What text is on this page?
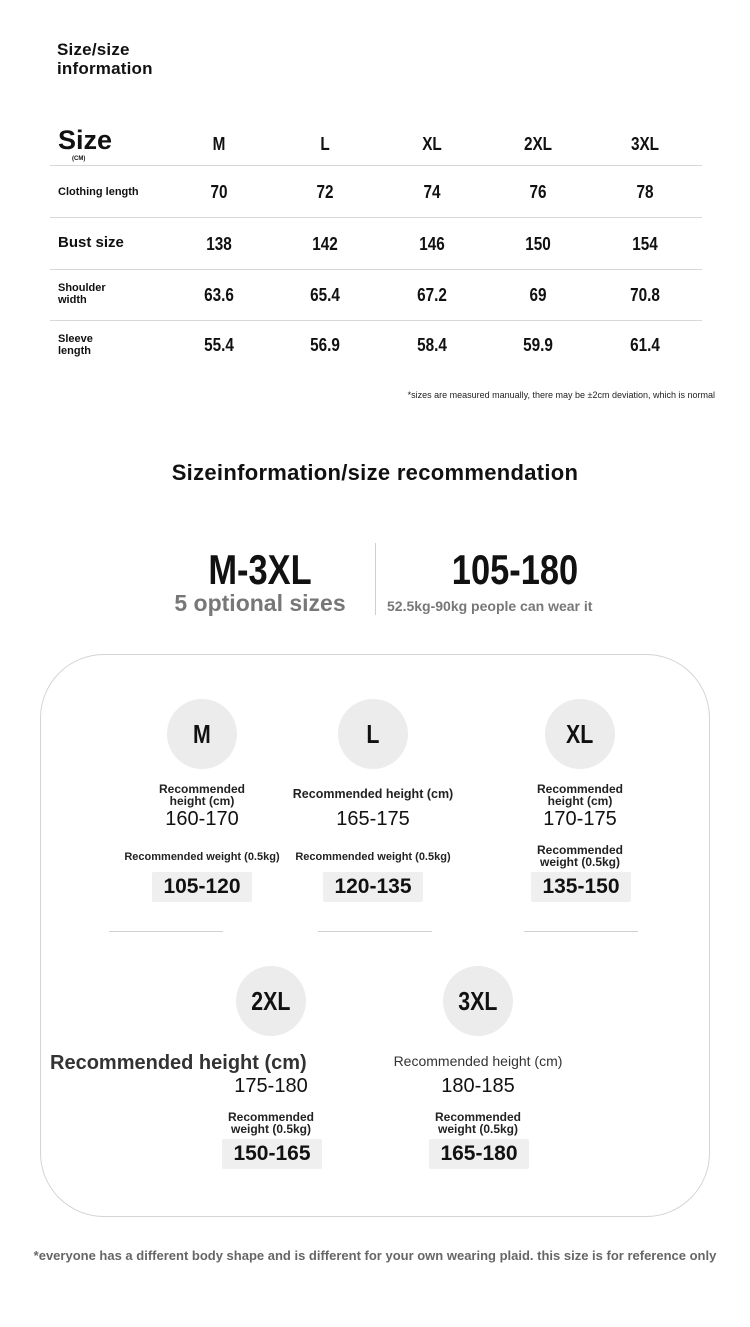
Size/size
information
Size
(CM)
M	L	XL	2XL	3XL
Clothing length	70	72	74	76	78
Bust size	138	142	146	150	154
Shoulder
width	63.6	65.4	67.2	69	70.8
Sleeve
length	55.4	56.9	58.4	59.9	61.4
*sizes are measured manually, there may be ±2cm deviation, which is normal
Sizeinformation/size recommendation
M-3XL
5 optional sizes
105-180
52.5kg-90kg people can wear it
M
Recommended height (cm)
160-170
Recommended weight (0.5kg)
105-120
L
Recommended height (cm)
165-175
Recommended weight (0.5kg)
120-135
XL
Recommended height (cm)
170-175
Recommended weight (0.5kg)
135-150
2XL
Recommended height (cm)
175-180
Recommended weight (0.5kg)
150-165
3XL
Recommended height (cm)
180-185
Recommended weight (0.5kg)
165-180
*everyone has a different body shape and is different for your own wearing plaid. this size is for reference only
